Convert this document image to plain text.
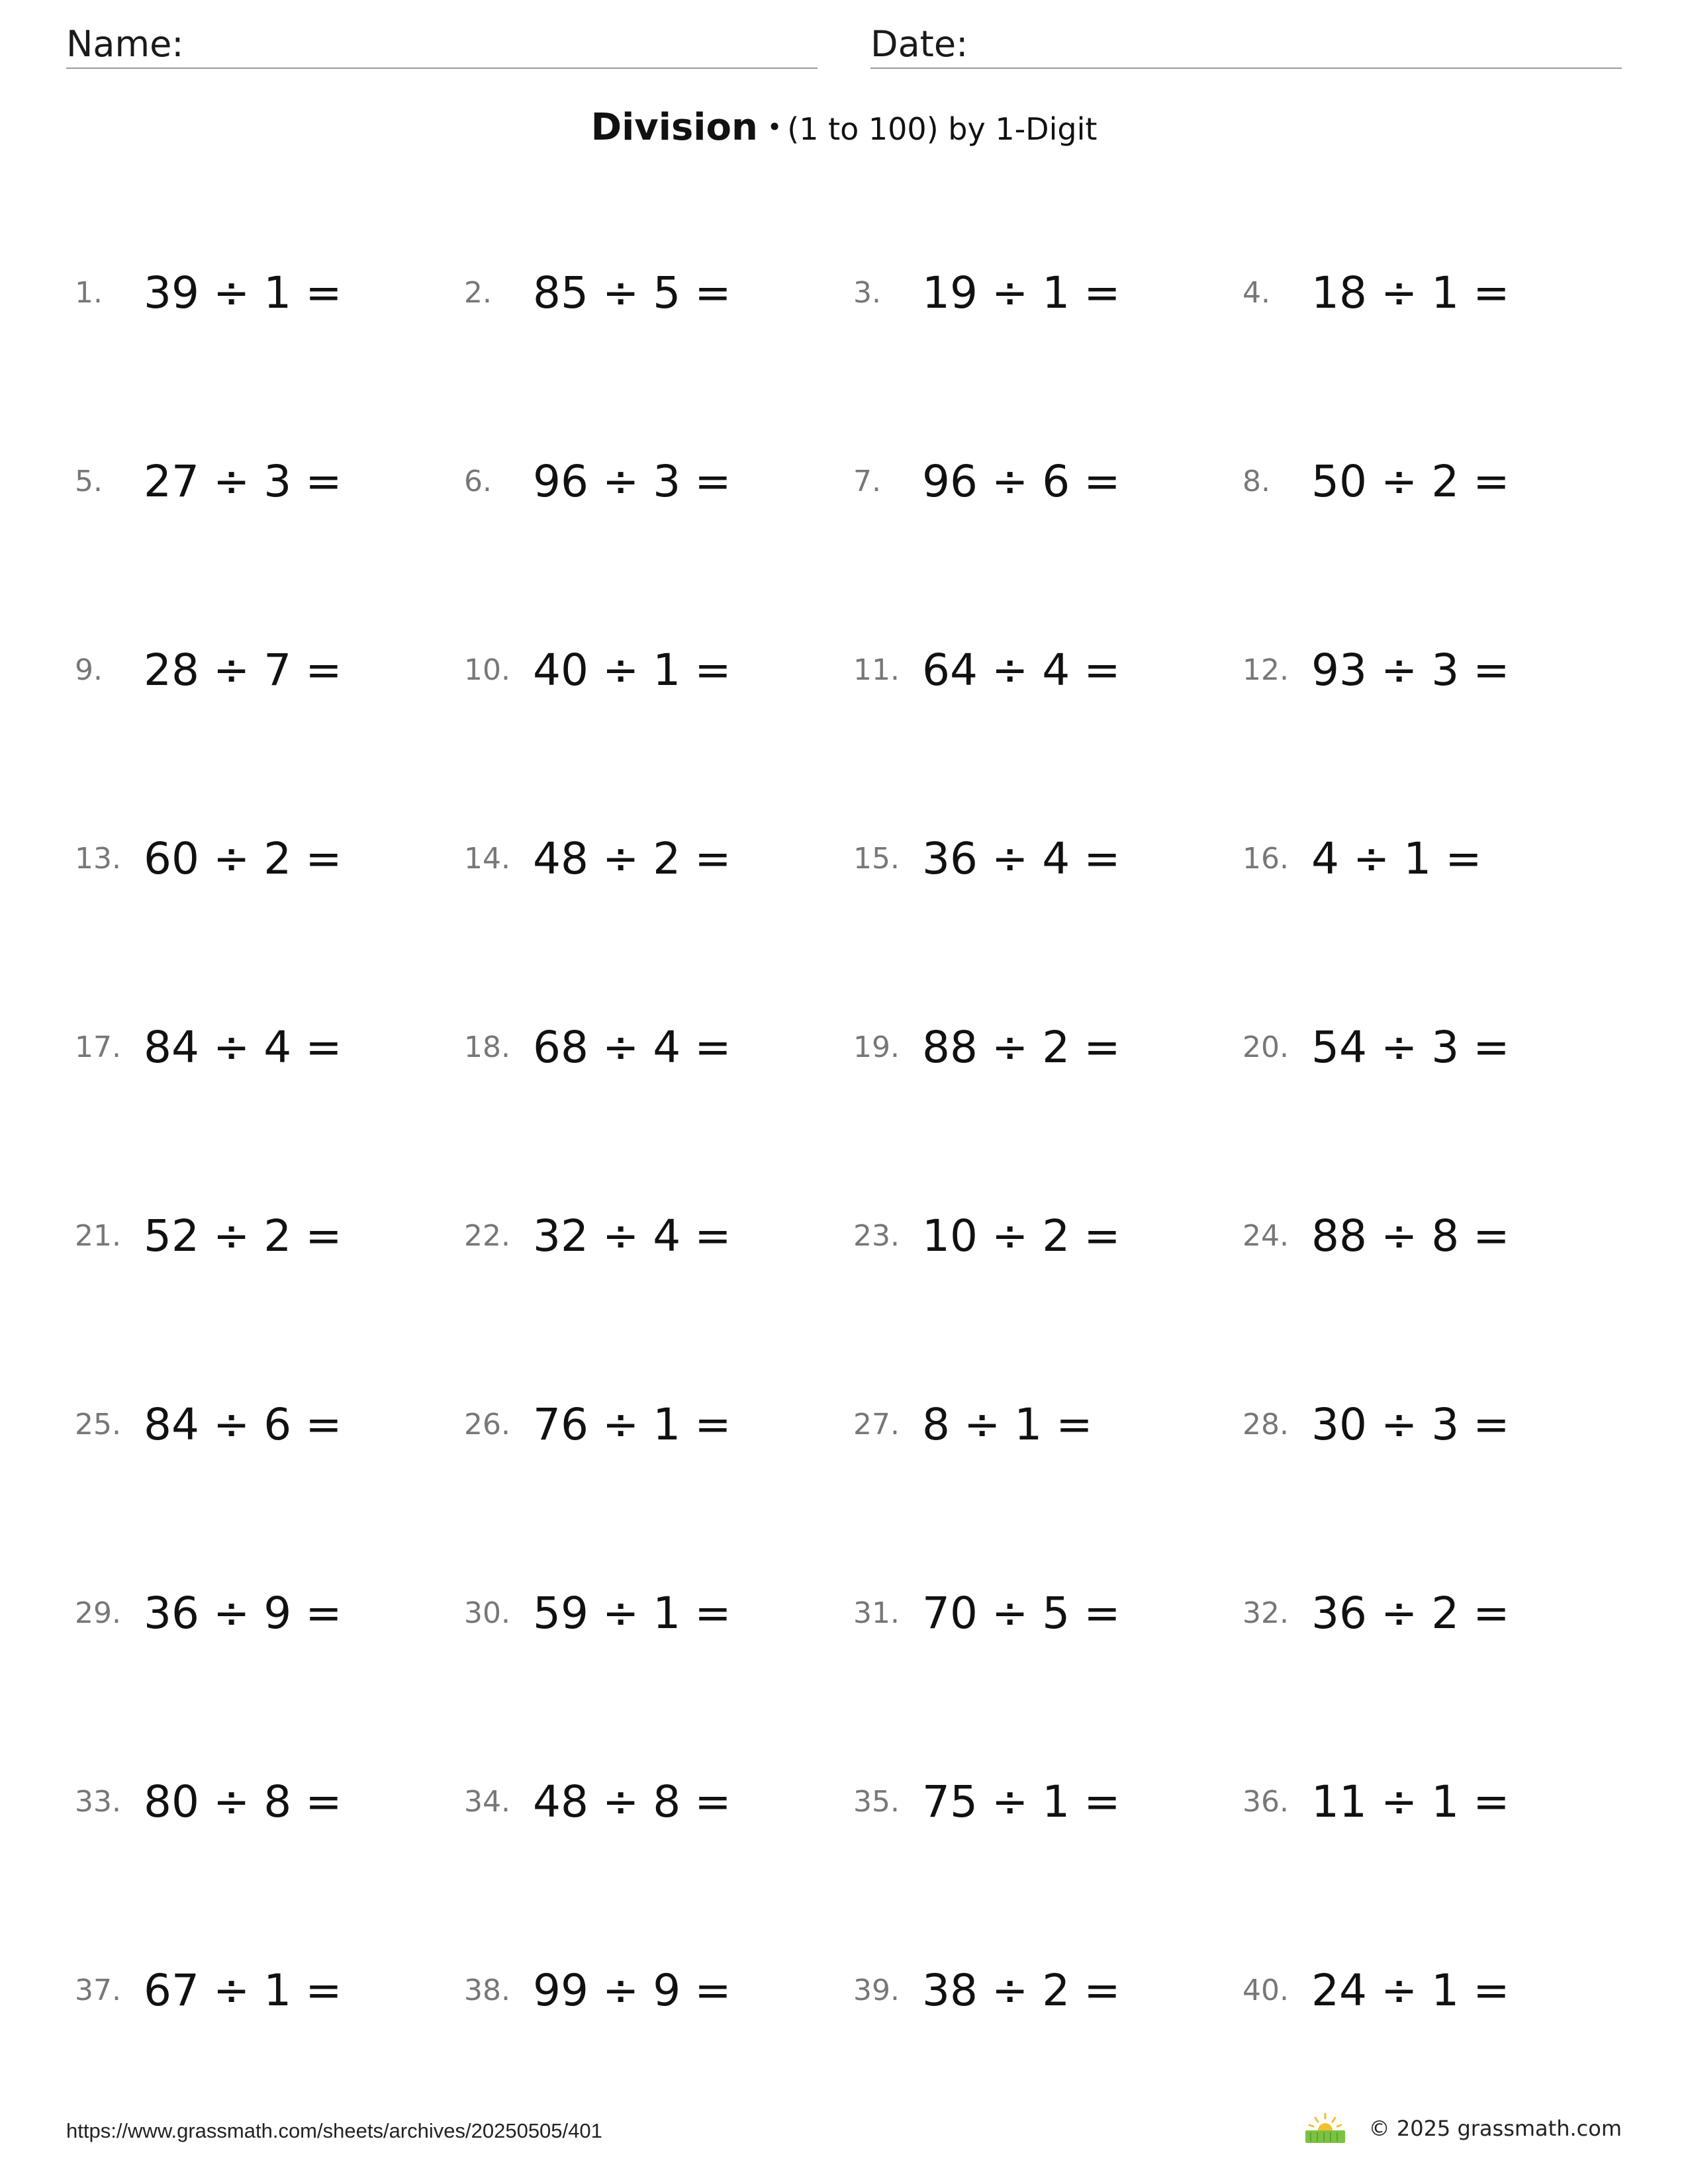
Name:	Date:
Division • (1 to 100) by 1-Digit
1. 39 ÷ 1 =	2. 85 ÷ 5 =	3. 19 ÷ 1 =	4. 18 ÷ 1 =
5. 27 ÷ 3 =	6. 96 ÷ 3 =	7. 96 ÷ 6 =	8. 50 ÷ 2 =
9. 28 ÷ 7 =	10. 40 ÷ 1 =	11. 64 ÷ 4 =	12. 93 ÷ 3 =
13. 60 ÷ 2 =	14. 48 ÷ 2 =	15. 36 ÷ 4 =	16. 4 ÷ 1 =
17. 84 ÷ 4 =	18. 68 ÷ 4 =	19. 88 ÷ 2 =	20. 54 ÷ 3 =
21. 52 ÷ 2 =	22. 32 ÷ 4 =	23. 10 ÷ 2 =	24. 88 ÷ 8 =
25. 84 ÷ 6 =	26. 76 ÷ 1 =	27. 8 ÷ 1 =	28. 30 ÷ 3 =
29. 36 ÷ 9 =	30. 59 ÷ 1 =	31. 70 ÷ 5 =	32. 36 ÷ 2 =
33. 80 ÷ 8 =	34. 48 ÷ 8 =	35. 75 ÷ 1 =	36. 11 ÷ 1 =
37. 67 ÷ 1 =	38. 99 ÷ 9 =	39. 38 ÷ 2 =	40. 24 ÷ 1 =
https://www.grassmath.com/sheets/archives/20250505/401	© 2025 grassmath.com
